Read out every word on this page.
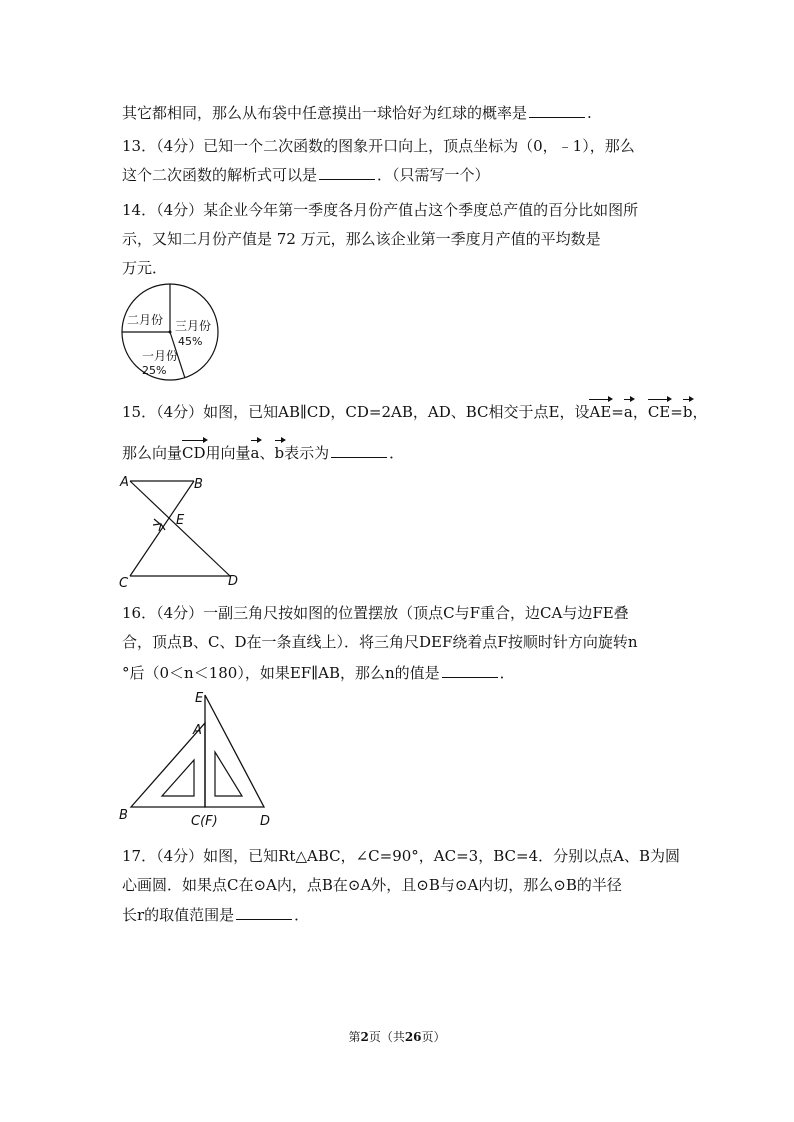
其它都相同，那么从布袋中任意摸出一球恰好为红球的概率是	.
13．（4分）已知一个二次函数的图象开口向上，顶点坐标为（0，﹣1），那么
这个二次函数的解析式可以是	．（只需写一个）
14．（4分）某企业今年第一季度各月份产值占这个季度总产值的百分比如图所
示，又知二月份产值是 72 万元，那么该企业第一季度月产值的平均数是
万元．
二月份 三月份
45%
一月份
25%
15．（4分）如图，已知AB∥CD，CD=2AB，AD、BC相交于点E，设AE=a，CE=b，
那么向量CD用向量a、b表示为	．
A	B
E
C	D
16．（4分）一副三角尺按如图的位置摆放（顶点C与F重合，边CA与边FE叠
合，顶点B、C、D在一条直线上）．将三角尺DEF绕着点F按顺时针方向旋转n
°后（0＜n＜180），如果EF∥AB，那么n的值是	．
E
A
B	C(F)	D
17．（4分）如图，已知Rt△ABC，∠C=90°，AC=3，BC=4．分别以点A、B为圆
心画圆．如果点C在⊙A内，点B在⊙A外，且⊙B与⊙A内切，那么⊙B的半径
长r的取值范围是	．
第2页（共26页）
